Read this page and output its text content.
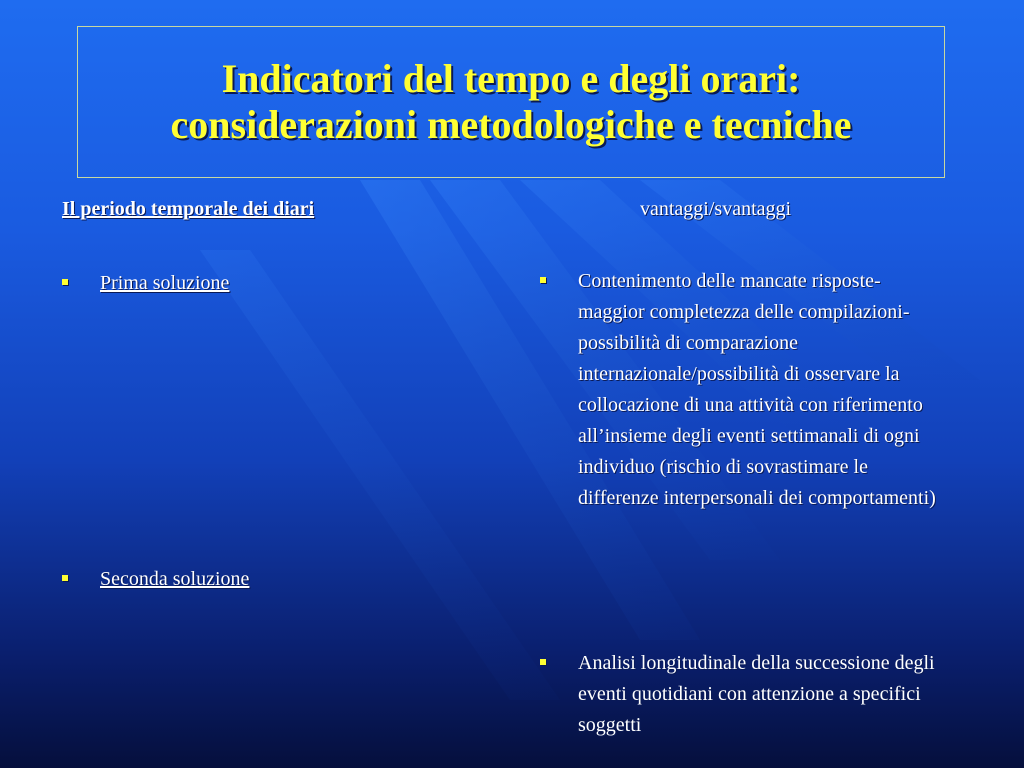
Indicatori del tempo e degli orari:
considerazioni metodologiche e tecniche
Il periodo temporale dei diari	vantaggi/svantaggi
Prima soluzione
Seconda soluzione
Contenimento delle mancate risposte-maggior completezza delle compilazioni-possibilità di comparazione internazionale/possibilità di osservare la collocazione di una attività con riferimento all’insieme degli eventi settimanali di ogni individuo (rischio di sovrastimare le differenze interpersonali dei comportamenti)
Analisi longitudinale della successione degli eventi quotidiani con attenzione a specifici soggetti
